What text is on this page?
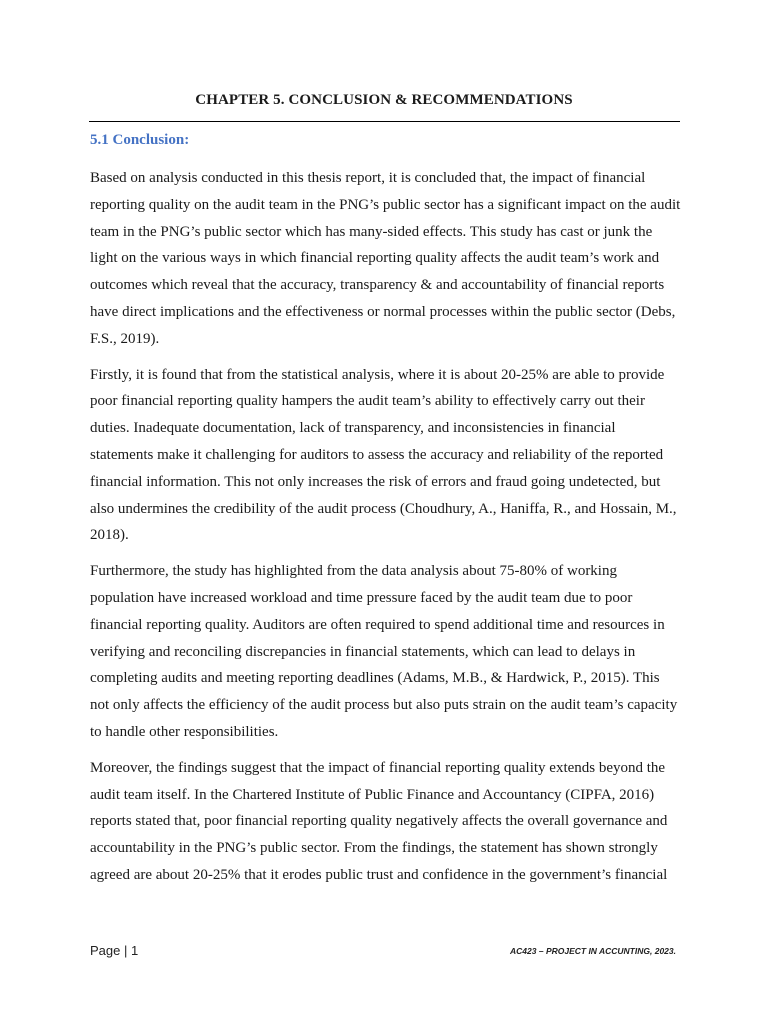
CHAPTER 5. CONCLUSION & RECOMMENDATIONS
5.1 Conclusion:

Based on analysis conducted in this thesis report, it is concluded that, the impact of financial reporting quality on the audit team in the PNG’s public sector has a significant impact on the audit team in the PNG’s public sector which has many-sided effects. This study has cast or junk the light on the various ways in which financial reporting quality affects the audit team’s work and outcomes which reveal that the accuracy, transparency & and accountability of financial reports have direct implications and the effectiveness or normal processes within the public sector (Debs, F.S., 2019).

Firstly, it is found that from the statistical analysis, where it is about 20-25% are able to provide poor financial reporting quality hampers the audit team’s ability to effectively carry out their duties. Inadequate documentation, lack of transparency, and inconsistencies in financial statements make it challenging for auditors to assess the accuracy and reliability of the reported financial information. This not only increases the risk of errors and fraud going undetected, but also undermines the credibility of the audit process (Choudhury, A., Haniffa, R., and Hossain, M., 2018).

Furthermore, the study has highlighted from the data analysis about 75-80% of working population have increased workload and time pressure faced by the audit team due to poor financial reporting quality. Auditors are often required to spend additional time and resources in verifying and reconciling discrepancies in financial statements, which can lead to delays in completing audits and meeting reporting deadlines (Adams, M.B., & Hardwick, P., 2015). This not only affects the efficiency of the audit process but also puts strain on the audit team’s capacity to handle other responsibilities.

Moreover, the findings suggest that the impact of financial reporting quality extends beyond the audit team itself. In the Chartered Institute of Public Finance and Accountancy (CIPFA, 2016) reports stated that, poor financial reporting quality negatively affects the overall governance and accountability in the PNG’s public sector. From the findings, the statement has shown strongly agreed are about 20-25% that it erodes public trust and confidence in the government’s financial

Page | 1	AC423 – PROJECT IN ACCUNTING, 2023.
